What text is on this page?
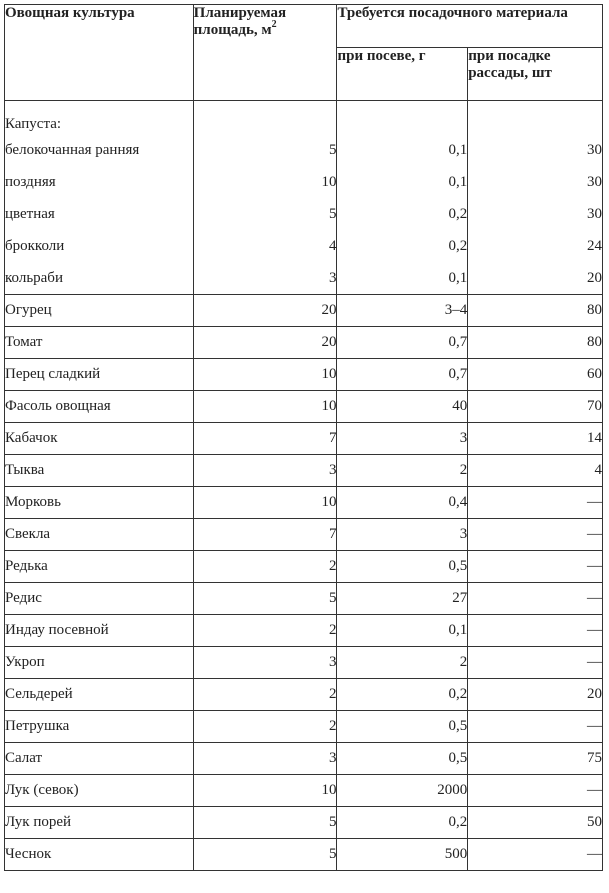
Овощная культура	Планируемая площадь, $м^2$	Требуется посадочного материала	
		при посеве, г	при посадке рассады, шт
Капуста:			
белокочанная ранняя	5	0,1	30
поздняя	10	0,1	30
цветная	5	0,2	30
брокколи	4	0,2	24
кольраби	3	0,1	20
Огурец	20	3–4	80
Томат	20	0,7	80
Перец сладкий	10	0,7	60
Фасоль овощная	10	40	70
Кабачок	7	3	14
Тыква	3	2	4
Морковь	10	0,4	—
Свекла	7	3	—
Редька	2	0,5	—
Редис	5	27	—
Индау посевной	2	0,1	—
Укроп	3	2	—
Сельдерей	2	0,2	20
Петрушка	2	0,5	—
Салат	3	0,5	75
Лук (севок)	10	2000	—
Лук порей	5	0,2	50
Чеснок	5	500	—
